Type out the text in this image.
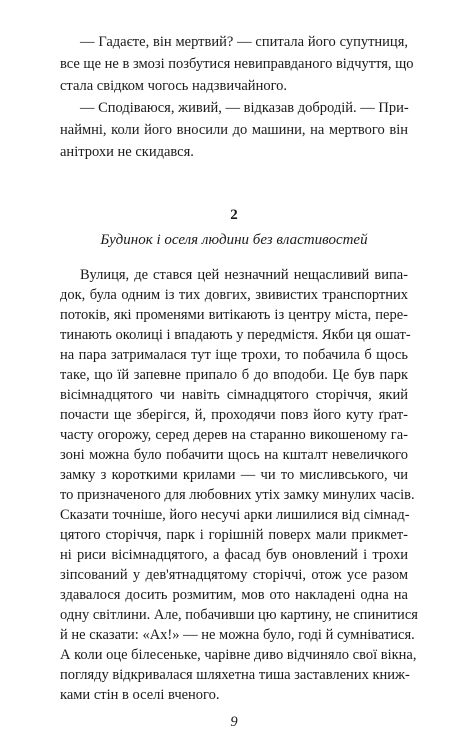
— Гадаєте, він мертвий? — спитала його супутниця,
все ще не в змозі позбутися невиправданого відчуття, що
стала свідком чогось надзвичайного.
— Сподіваюся, живий, — відказав добродій. — При-
наймні, коли його вносили до машини, на мертвого він
анітрохи не скидався.
2
Будинок і оселя людини без властивостей
Вулиця, де стався цей незначний нещасливий випа-
док, була одним із тих довгих, звивистих транспортних
потоків, які променями витікають із центру міста, пере-
тинають околиці і впадають у передмістя. Якби ця ошат-
на пара затрималася тут іще трохи, то побачила б щось
таке, що їй запевне припало б до вподоби. Це був парк
вісімнадцятого чи навіть сімнадцятого сторіччя, який
почасти ще зберігся, й, проходячи повз його куту ґрат-
часту огорожу, серед дерев на старанно викошеному га-
зоні можна було побачити щось на кшталт невеличкого
замку з короткими крилами — чи то мисливського, чи
то призначеного для любовних утіх замку минулих часів.
Сказати точніше, його несучі арки лишилися від сімнад-
цятого сторіччя, парк і горішній поверх мали прикмет-
ні риси вісімнадцятого, а фасад був оновлений і трохи
зіпсований у дев'ятнадцятому сторіччі, отож усе разом
здавалося досить розмитим, мов ото накладені одна на
одну світлини. Але, побачивши цю картину, не спинитися
й не сказати: «Ах!» — не можна було, годі й сумніватися.
А коли оце білесеньке, чарівне диво відчиняло свої вікна,
погляду відкривалася шляхетна тиша заставлених книж-
ками стін в оселі вченого.
9
